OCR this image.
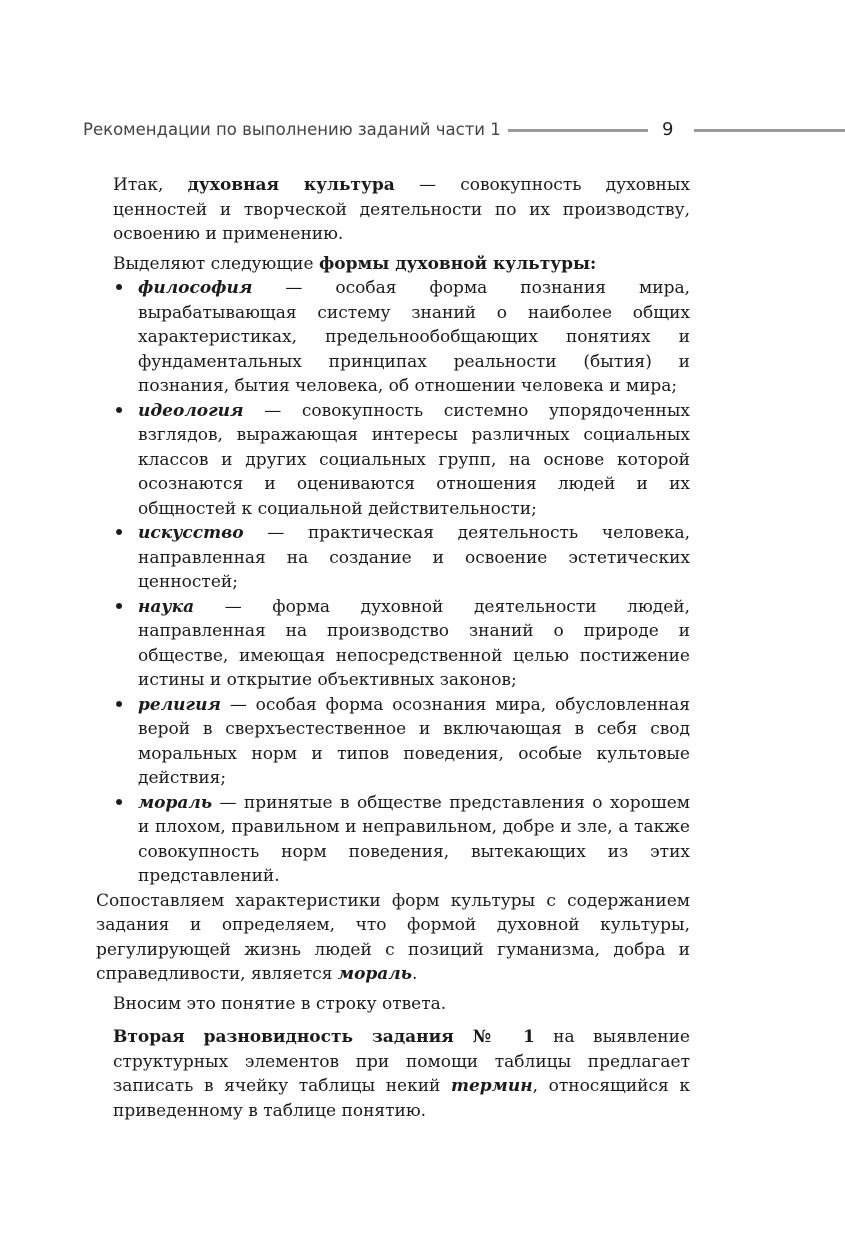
Рекомендации по выполнению заданий части 1	9

Итак, духовная культура — совокупность духовных ценностей и творческой деятельности по их производству, освоению и применению.

Выделяют следующие формы духовной культуры:

• философия — особая форма познания мира, вырабатывающая систему знаний о наиболее общих характеристиках, предельнообобщающих понятиях и фундаментальных принципах реальности (бытия) и познания, бытия человека, об отношении человека и мира;
• идеология — совокупность системно упорядоченных взглядов, выражающая интересы различных социальных классов и других социальных групп, на основе которой осознаются и оцениваются отношения людей и их общностей к социальной действительности;
• искусство — практическая деятельность человека, направленная на создание и освоение эстетических ценностей;
• наука — форма духовной деятельности людей, направленная на производство знаний о природе и обществе, имеющая непосредственной целью постижение истины и открытие объективных законов;
• религия — особая форма осознания мира, обусловленная верой в сверхъестественное и включающая в себя свод моральных норм и типов поведения, особые культовые действия;
• мораль — принятые в обществе представления о хорошем и плохом, правильном и неправильном, добре и зле, а также совокупность норм поведения, вытекающих из этих представлений.

Сопоставляем характеристики форм культуры с содержанием задания и определяем, что формой духовной культуры, регулирующей жизнь людей с позиций гуманизма, добра и справедливости, является мораль.

Вносим это понятие в строку ответа.

Вторая разновидность задания № 1 на выявление структурных элементов при помощи таблицы предлагает записать в ячейку таблицы некий термин, относящийся к приведенному в таблице понятию.
